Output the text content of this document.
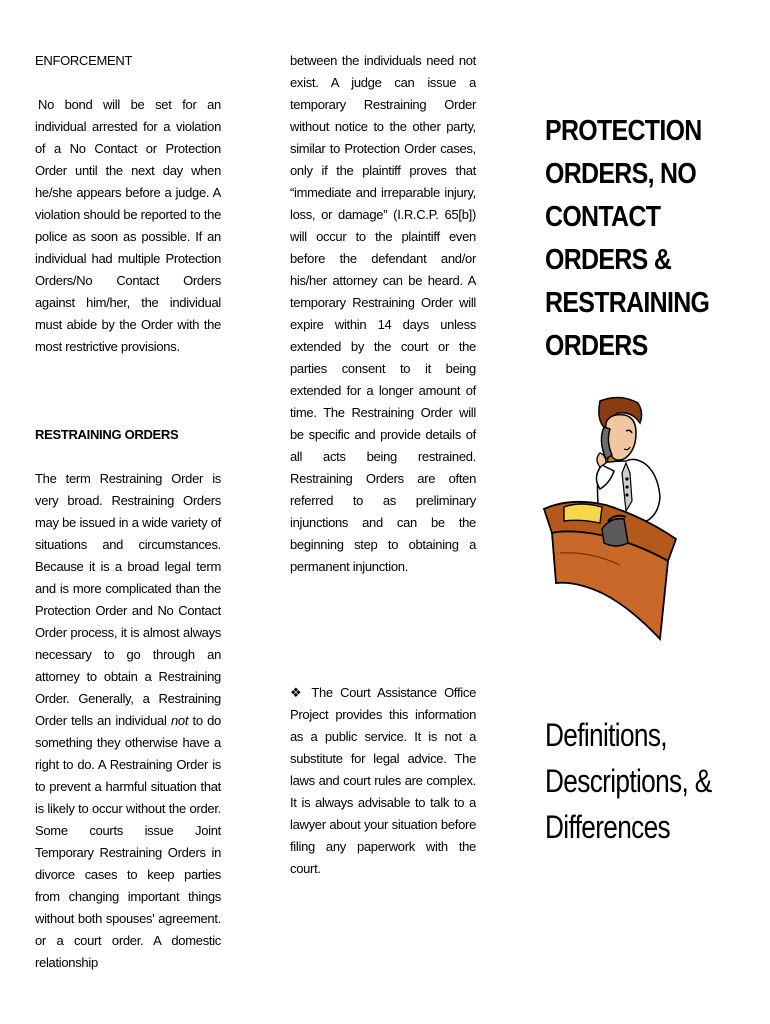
ENFORCEMENT

No bond will be set for an individual arrested for a violation of a No Contact or Protection Order until the next day when he/she appears before a judge. A violation should be reported to the police as soon as possible. If an individual had multiple Protection Orders/No Contact Orders against him/her, the individual must abide by the Order with the most restrictive provisions.

RESTRAINING ORDERS

The term Restraining Order is very broad. Restraining Orders may be issued in a wide variety of situations and circumstances. Because it is a broad legal term and is more complicated than the Protection Order and No Contact Order process, it is almost always necessary to go through an attorney to obtain a Restraining Order. Generally, a Restraining Order tells an individual not to do something they otherwise have a right to do. A Restraining Order is to prevent a harmful situation that is likely to occur without the order. Some courts issue Joint Temporary Restraining Orders in divorce cases to keep parties from changing important things without both spouses' agreement. or a court order. A domestic relationship

between the individuals need not exist. A judge can issue a temporary Restraining Order without notice to the other party, similar to Protection Order cases, only if the plaintiff proves that “immediate and irreparable injury, loss, or damage” (I.R.C.P. 65[b]) will occur to the plaintiff even before the defendant and/or his/her attorney can be heard. A temporary Restraining Order will expire within 14 days unless extended by the court or the parties consent to it being extended for a longer amount of time. The Restraining Order will be specific and provide details of all acts being restrained. Restraining Orders are often referred to as preliminary injunctions and can be the beginning step to obtaining a permanent injunction.

❖ The Court Assistance Office Project provides this information as a public service. It is not a substitute for legal advice. The laws and court rules are complex. It is always advisable to talk to a lawyer about your situation before filing any paperwork with the court.
PROTECTION
ORDERS, NO
CONTACT
ORDERS &
RESTRAINING
ORDERS
Definitions,
Descriptions, &
Differences
